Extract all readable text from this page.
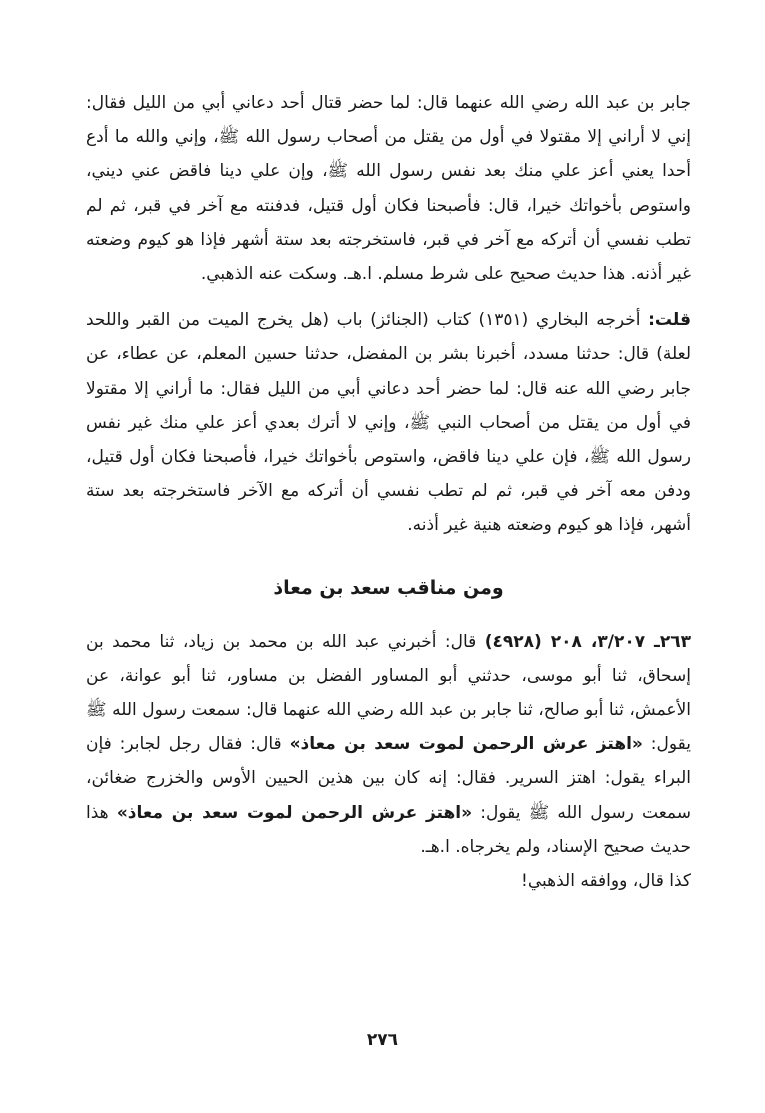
جابر بن عبد الله رضي الله عنهما قال: لما حضر قتال أحد دعاني أبي من الليل فقال: إني لا أراني إلا مقتولا في أول من يقتل من أصحاب رسول الله ﷺ، وإني والله ما أدع أحدا يعني أعز علي منك بعد نفس رسول الله ﷺ، وإن علي دينا فاقض عني ديني، واستوص بأخواتك خيرا، قال: فأصبحنا فكان أول قتيل، فدفنته مع آخر في قبر، ثم لم تطب نفسي أن أتركه مع آخر في قبر، فاستخرجته بعد ستة أشهر فإذا هو كيوم وضعته غير أذنه. هذا حديث صحيح على شرط مسلم. ا.هـ. وسكت عنه الذهبي.

قلت: أخرجه البخاري (١٣٥١) كتاب (الجنائز) باب (هل يخرج الميت من القبر واللحد لعلة) قال: حدثنا مسدد، أخبرنا بشر بن المفضل، حدثنا حسين المعلم، عن عطاء، عن جابر رضي الله عنه قال: لما حضر أحد دعاني أبي من الليل فقال: ما أراني إلا مقتولا في أول من يقتل من أصحاب النبي ﷺ، وإني لا أترك بعدي أعز علي منك غير نفس رسول الله ﷺ، فإن علي دينا فاقض، واستوص بأخواتك خيرا، فأصبحنا فكان أول قتيل، ودفن معه آخر في قبر، ثم لم تطب نفسي أن أتركه مع الآخر فاستخرجته بعد ستة أشهر، فإذا هو كيوم وضعته هنية غير أذنه.

ومن مناقب سعد بن معاذ

٢٦٣ـ ٣/٢٠٧، ٢٠٨ (٤٩٢٨) قال: أخبرني عبد الله بن محمد بن زياد، ثنا محمد بن إسحاق، ثنا أبو موسى، حدثني أبو المساور الفضل بن مساور، ثنا أبو عوانة، عن الأعمش، ثنا أبو صالح، ثنا جابر بن عبد الله رضي الله عنهما قال: سمعت رسول الله ﷺ يقول: «اهتز عرش الرحمن لموت سعد بن معاذ» قال: فقال رجل لجابر: فإن البراء يقول: اهتز السرير. فقال: إنه كان بين هذين الحيين الأوس والخزرج ضغائن، سمعت رسول الله ﷺ يقول: «اهتز عرش الرحمن لموت سعد بن معاذ» هذا حديث صحيح الإسناد، ولم يخرجاه. ا.هـ.

كذا قال، ووافقه الذهبي!

٢٧٦
